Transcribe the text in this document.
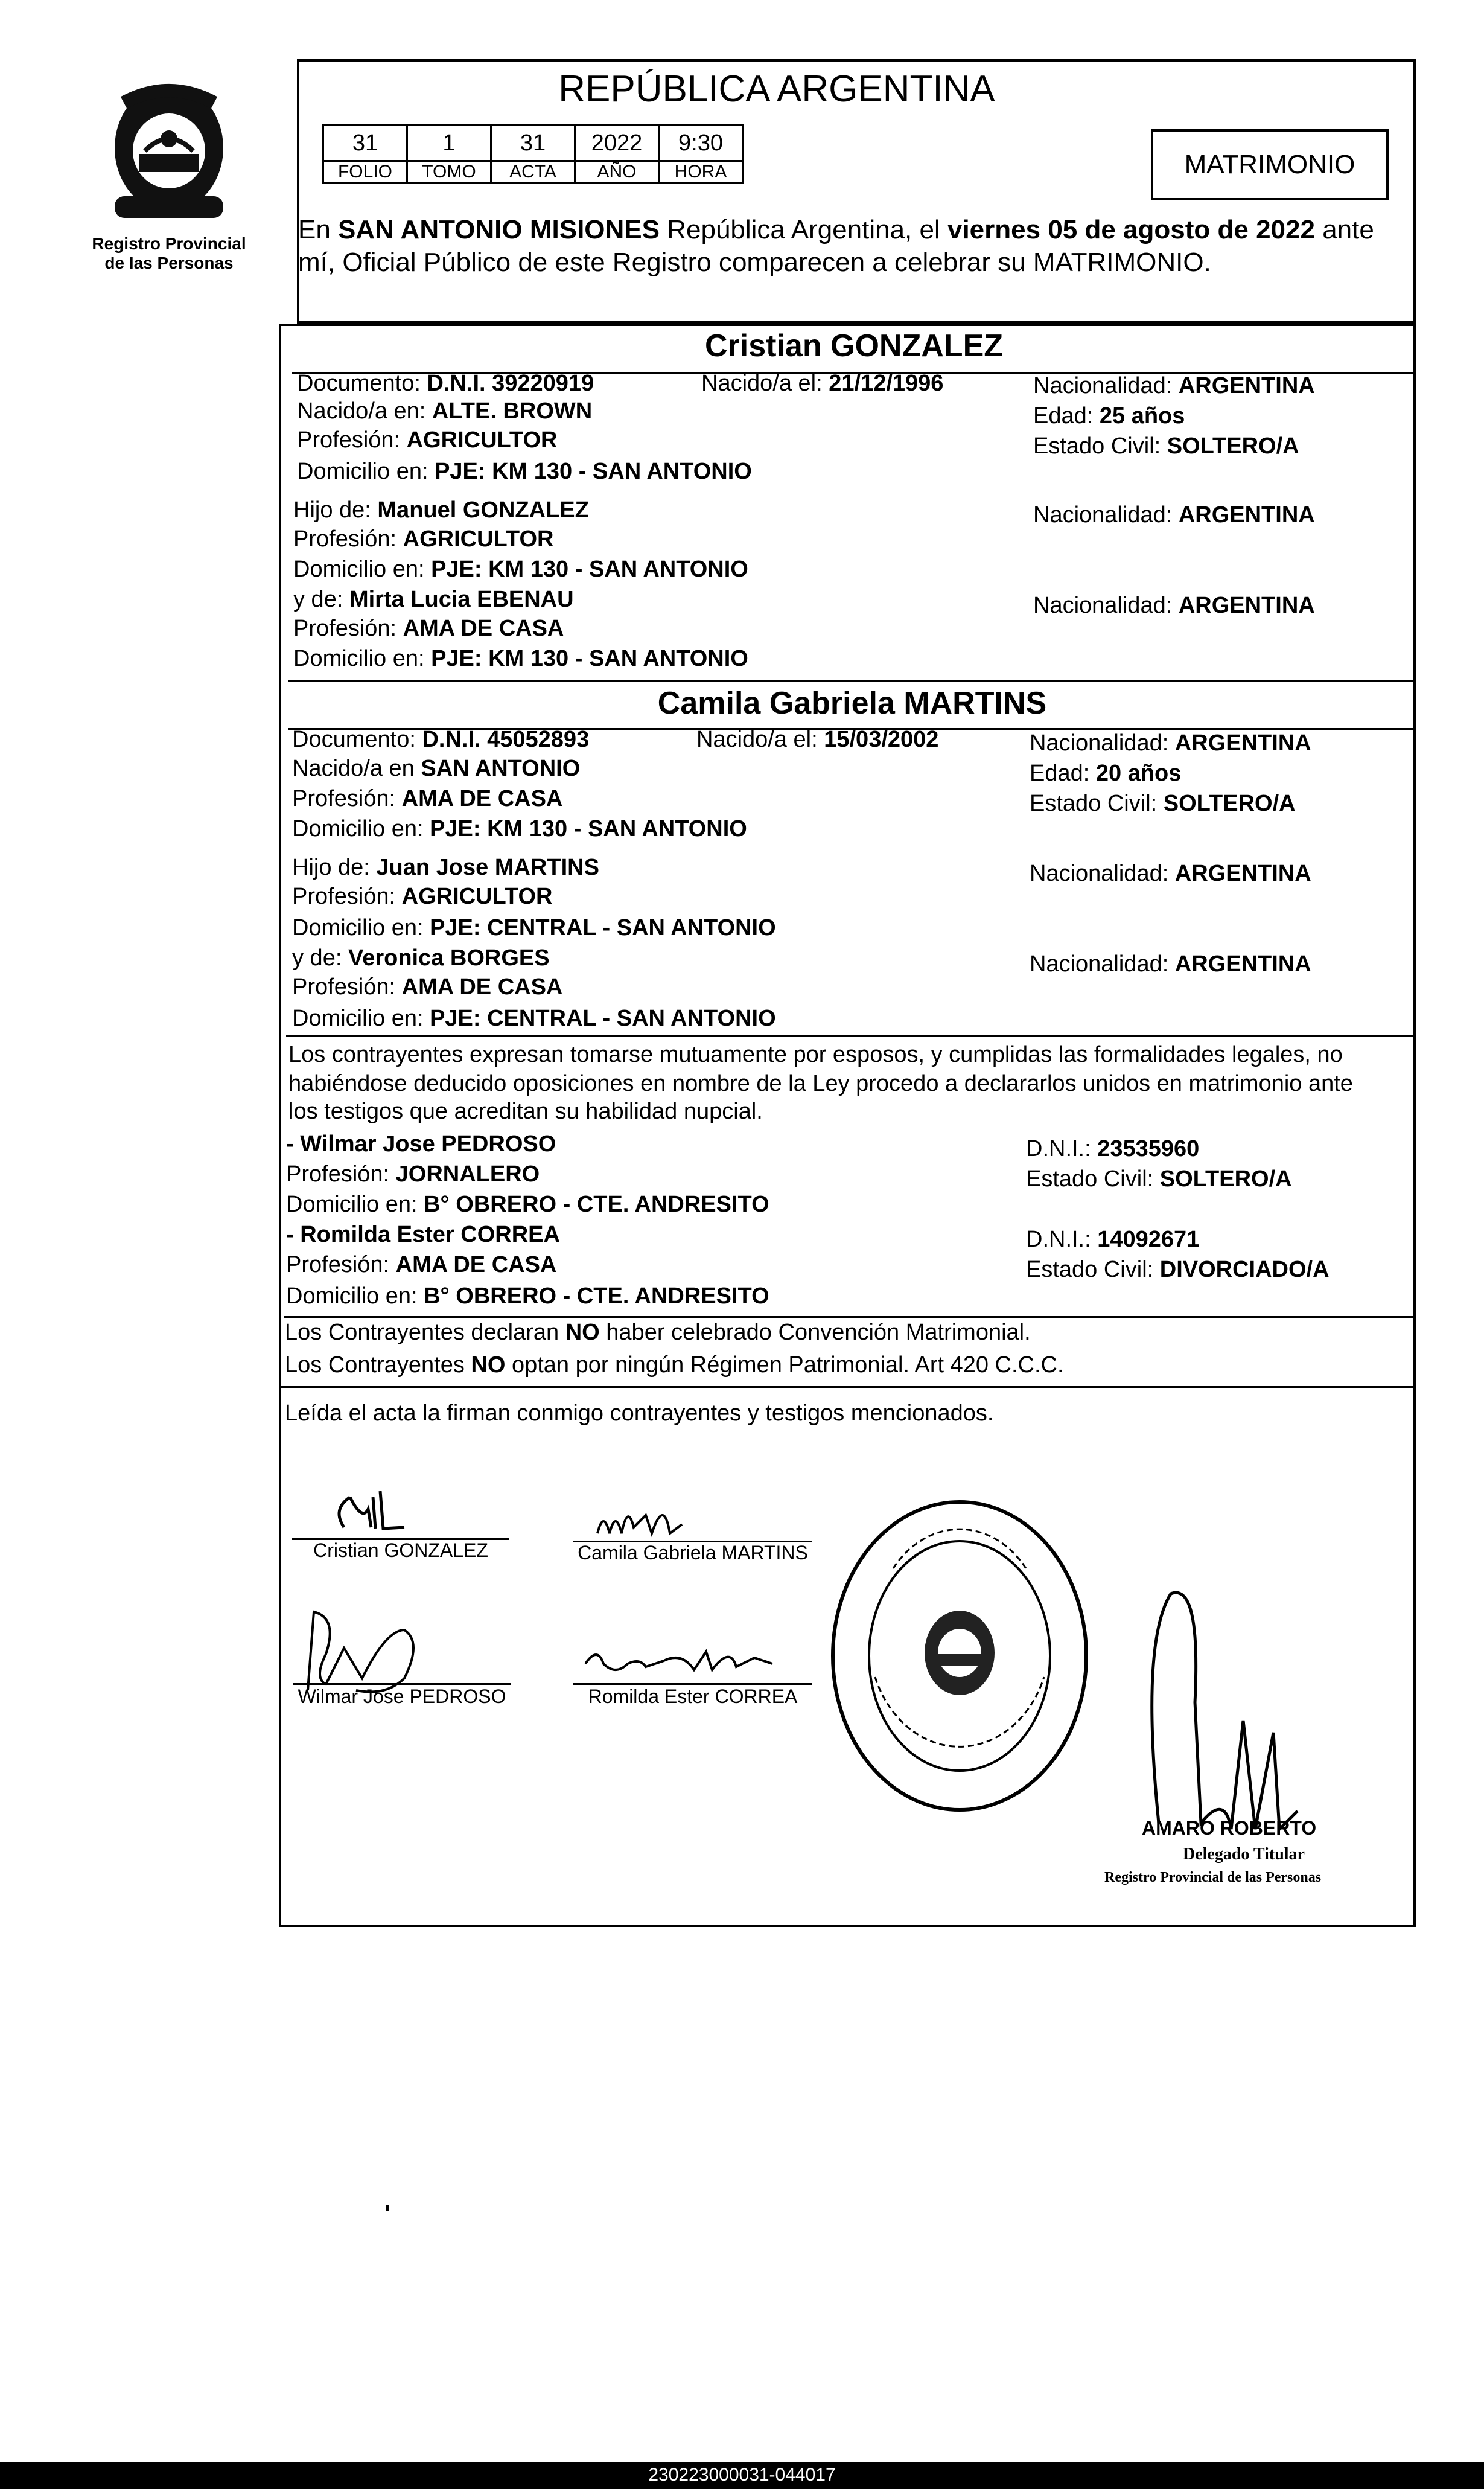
Registro Provincial
de las Personas
REPÚBLICA ARGENTINA
31	1	31	2022	9:30
FOLIO	TOMO	ACTA	AÑO	HORA	MATRIMONIO
En SAN ANTONIO MISIONES República Argentina, el viernes 05 de agosto de 2022 ante
mí, Oficial Público de este Registro comparecen a celebrar su MATRIMONIO.
Cristian GONZALEZ
Documento: D.N.I. 39220919	Nacido/a el: 21/12/1996	Nacionalidad: ARGENTINA
Nacido/a en: ALTE. BROWN	Edad: 25 años
Profesión: AGRICULTOR	Estado Civil: SOLTERO/A
Domicilio en: PJE: KM 130 - SAN ANTONIO
Hijo de: Manuel GONZALEZ	Nacionalidad: ARGENTINA
Profesión: AGRICULTOR
Domicilio en: PJE: KM 130 - SAN ANTONIO
y de: Mirta Lucia EBENAU	Nacionalidad: ARGENTINA
Profesión: AMA DE CASA
Domicilio en: PJE: KM 130 - SAN ANTONIO
Camila Gabriela MARTINS
Documento: D.N.I. 45052893	Nacido/a el: 15/03/2002	Nacionalidad: ARGENTINA
Nacido/a en SAN ANTONIO	Edad: 20 años
Profesión: AMA DE CASA	Estado Civil: SOLTERO/A
Domicilio en: PJE: KM 130 - SAN ANTONIO
Hijo de: Juan Jose MARTINS	Nacionalidad: ARGENTINA
Profesión: AGRICULTOR
Domicilio en: PJE: CENTRAL - SAN ANTONIO
y de: Veronica BORGES	Nacionalidad: ARGENTINA
Profesión: AMA DE CASA
Domicilio en: PJE: CENTRAL - SAN ANTONIO
Los contrayentes expresan tomarse mutuamente por esposos, y cumplidas las formalidades legales, no
habiéndose deducido oposiciones en nombre de la Ley procedo a declararlos unidos en matrimonio ante
los testigos que acreditan su habilidad nupcial.
- Wilmar Jose PEDROSO	D.N.I.: 23535960
Profesión: JORNALERO	Estado Civil: SOLTERO/A
Domicilio en: B° OBRERO - CTE. ANDRESITO
- Romilda Ester CORREA	D.N.I.: 14092671
Profesión: AMA DE CASA	Estado Civil: DIVORCIADO/A
Domicilio en: B° OBRERO - CTE. ANDRESITO
Los Contrayentes declaran NO haber celebrado Convención Matrimonial.
Los Contrayentes NO optan por ningún Régimen Patrimonial. Art 420 C.C.C.
Leída el acta la firman conmigo contrayentes y testigos mencionados.
Cristian GONZALEZ	Camila Gabriela MARTINS
Wilmar Jose PEDROSO	Romilda Ester CORREA
AMARO ROBERTO
Delegado Titular
Registro Provincial de las Personas
230223000031-044017
